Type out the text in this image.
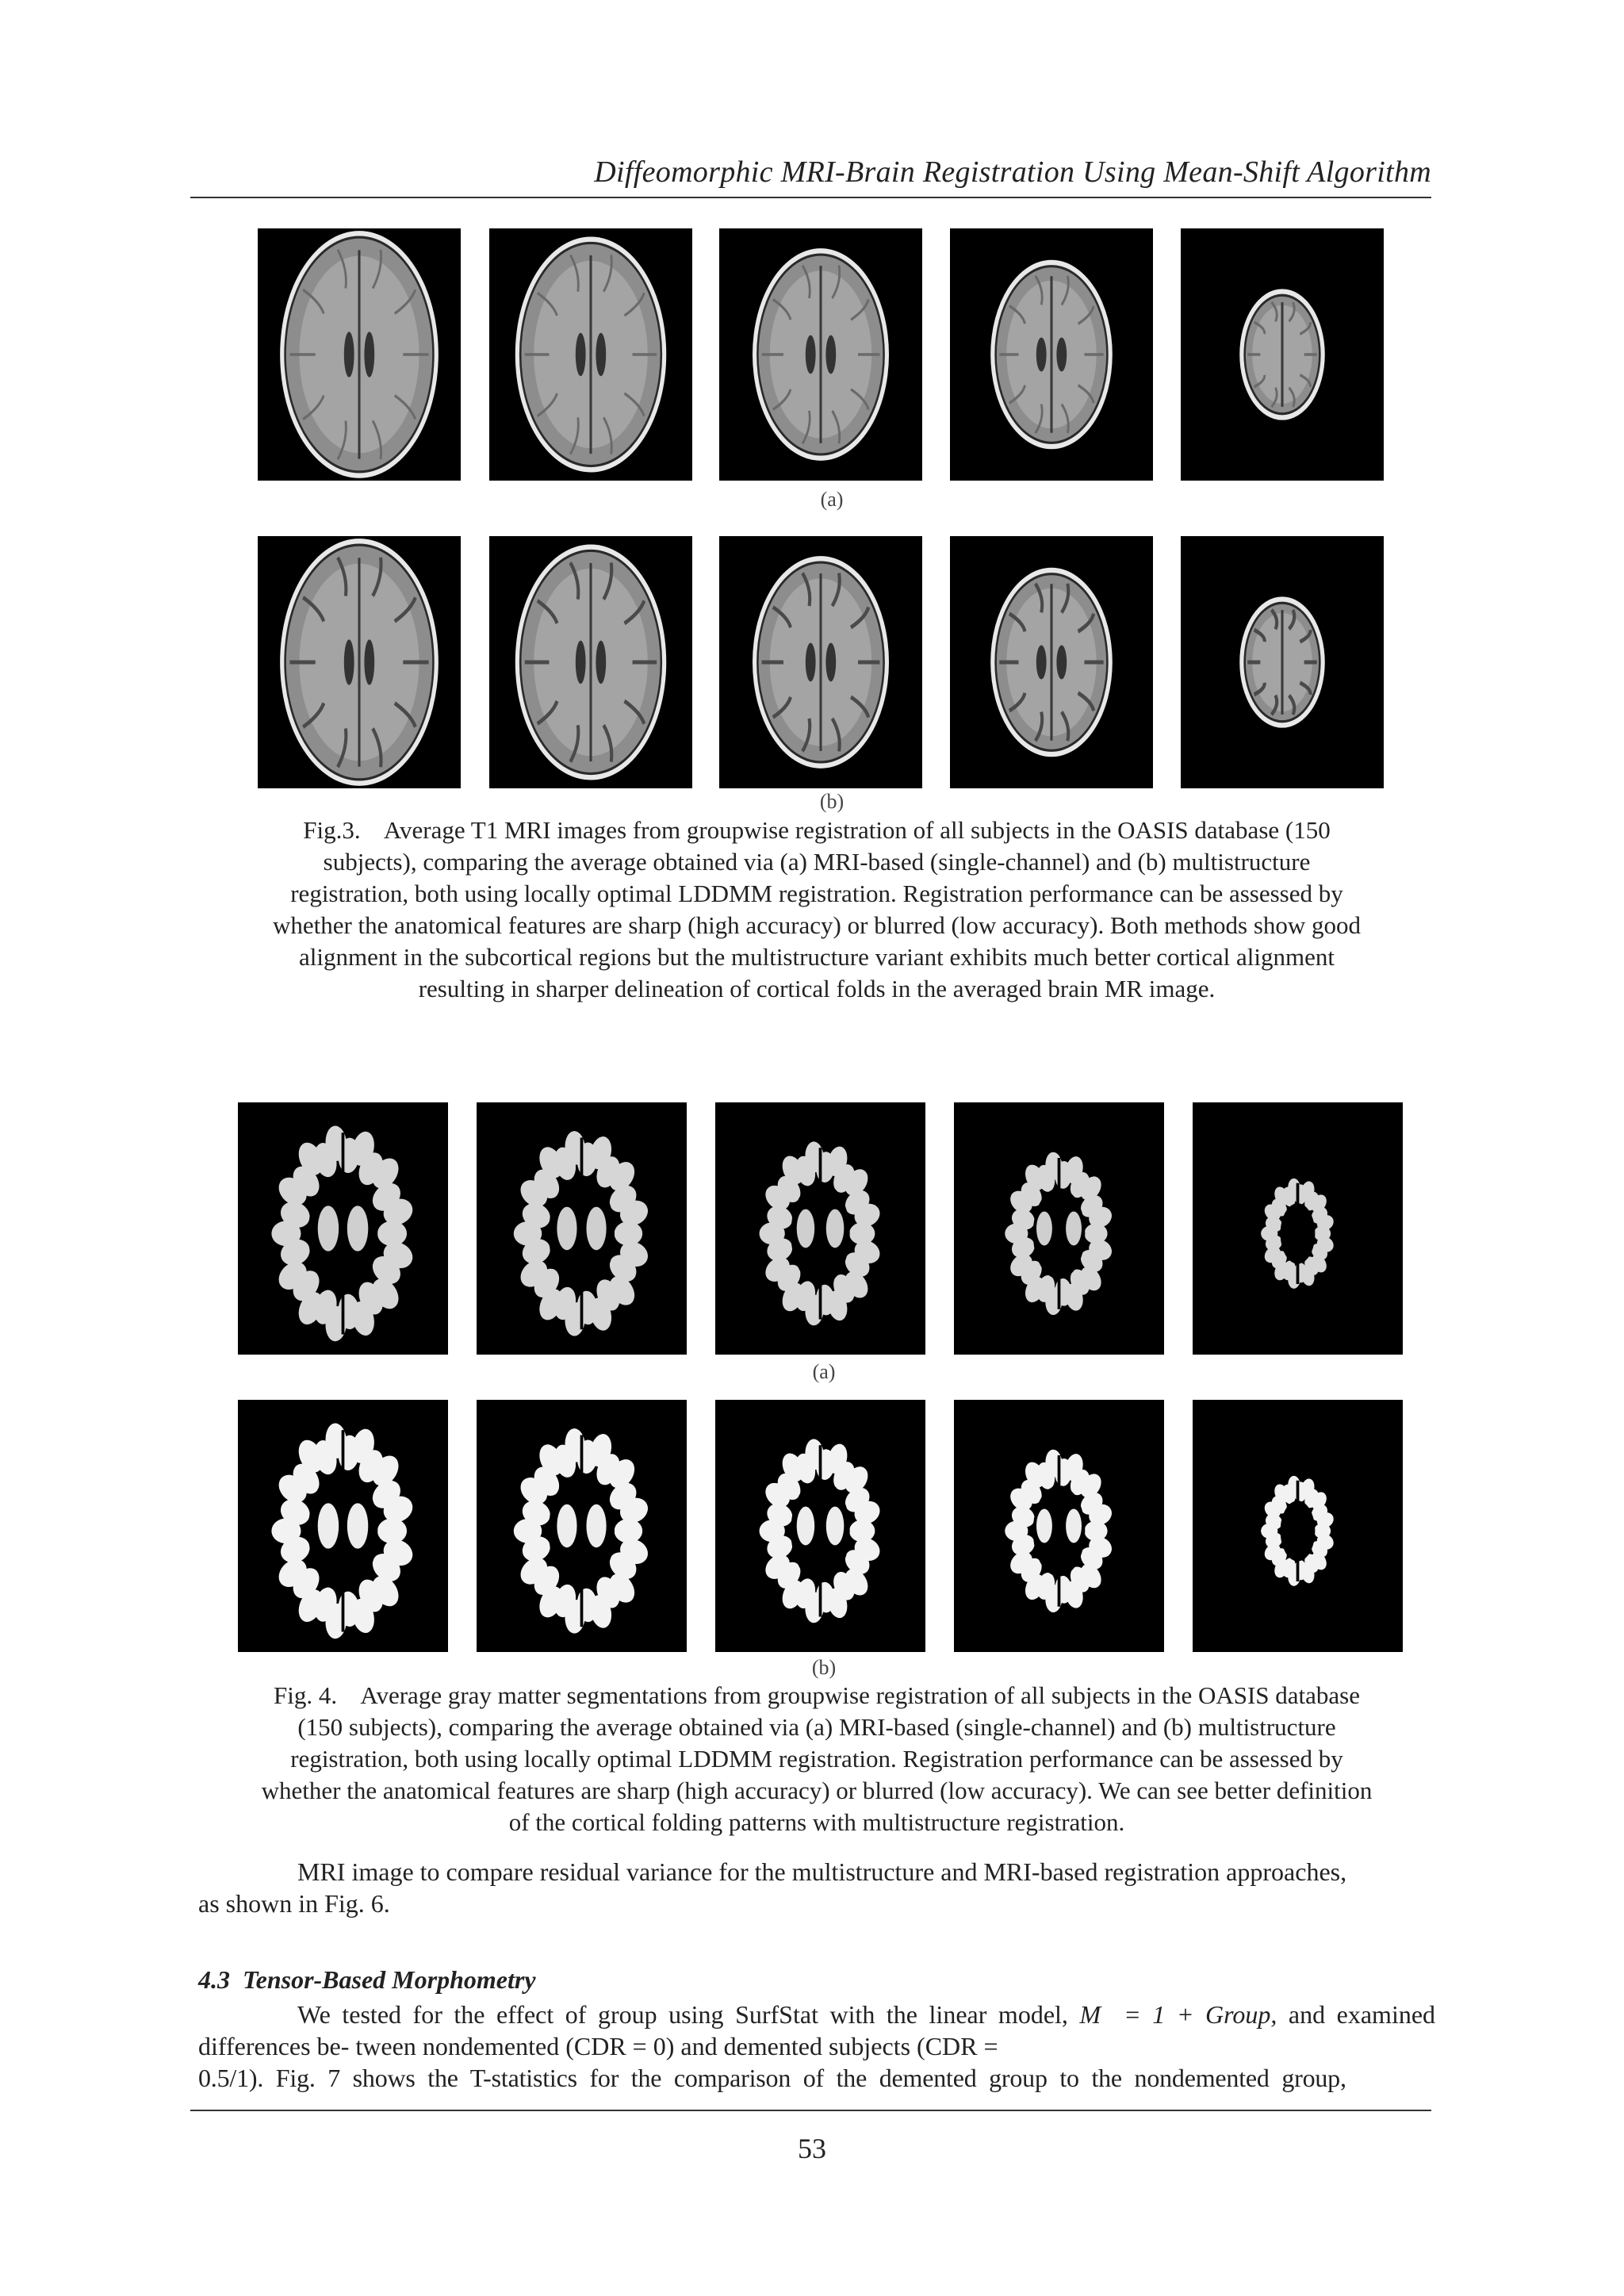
Diffeomorphic MRI-Brain Registration Using Mean-Shift Algorithm
(a)
(b)
Fig.3.    Average T1 MRI images from groupwise registration of all subjects in the OASIS database (150
subjects), comparing the average obtained via (a) MRI-based (single-channel) and (b) multistructure
registration, both using locally optimal LDDMM registration. Registration performance can be assessed by
whether the anatomical features are sharp (high accuracy) or blurred (low accuracy). Both methods show good
alignment in the subcortical regions but the multistructure variant exhibits much better cortical alignment
resulting in sharper delineation of cortical folds in the averaged brain MR image.
(a)
(b)
Fig. 4.    Average gray matter segmentations from groupwise registration of all subjects in the OASIS database
(150 subjects), comparing the average obtained via (a) MRI-based (single-channel) and (b) multistructure
registration, both using locally optimal LDDMM registration. Registration performance can be assessed by
whether the anatomical features are sharp (high accuracy) or blurred (low accuracy). We can see better definition
of the cortical folding patterns with multistructure registration.
MRI image to compare residual variance for the multistructure and MRI-based registration approaches,
as shown in Fig. 6.
4.3 Tensor-Based Morphometry
We tested for the effect of group using SurfStat with the linear model, M  = 1 + Group, and examined
differences be- tween nondemented (CDR = 0) and demented subjects (CDR =
0.5/1).  Fig.  7  shows  the  T-statistics  for  the  comparison  of  the  demented  group  to  the  nondemented  group,
53
